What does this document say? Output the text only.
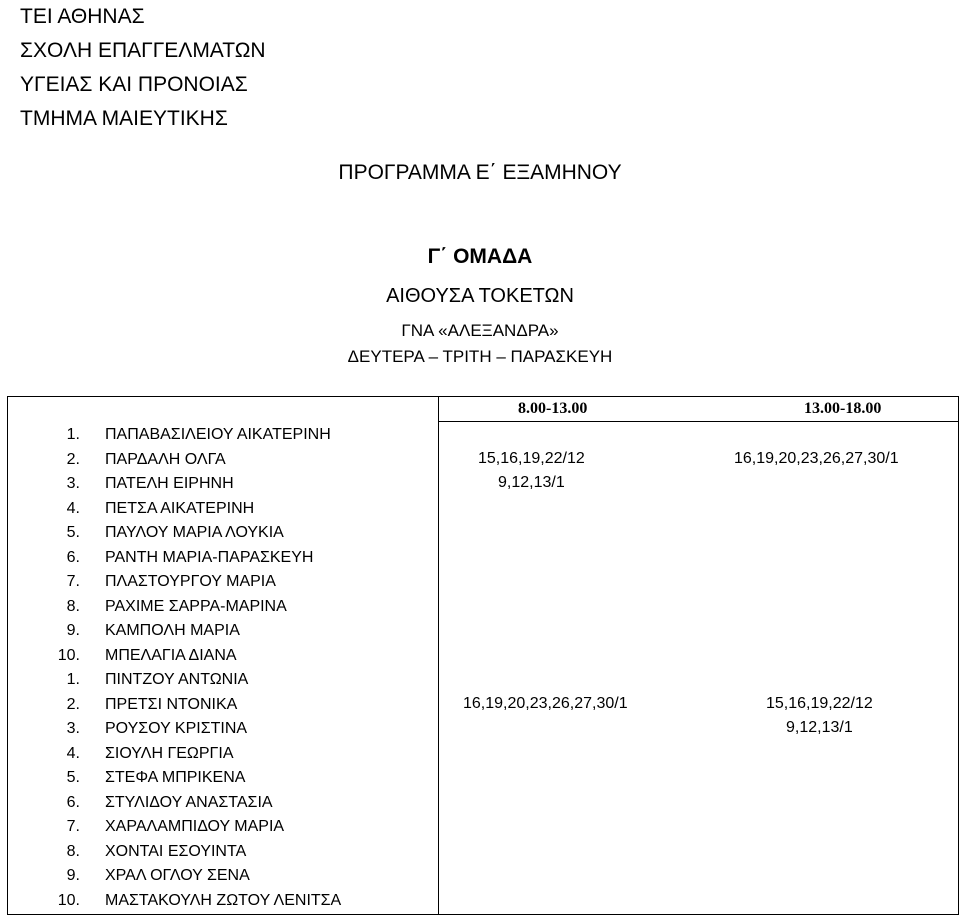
ΤΕΙ ΑΘΗΝΑΣ
ΣΧΟΛΗ ΕΠΑΓΓΕΛΜΑΤΩΝ
ΥΓΕΙΑΣ ΚΑΙ ΠΡΟΝΟΙΑΣ
ΤΜΗΜΑ ΜΑΙΕΥΤΙΚΗΣ
ΠΡΟΓΡΑΜΜΑ Ε΄ ΕΞΑΜΗΝΟΥ
Γ΄ ΟΜΑΔΑ
ΑΙΘΟΥΣΑ ΤΟΚΕΤΩΝ
ΓΝΑ «ΑΛΕΞΑΝΔΡΑ»
ΔΕΥΤΕΡΑ – ΤΡΙΤΗ – ΠΑΡΑΣΚΕΥΗ
8.00-13.00	13.00-18.00
1. ΠΑΠΑΒΑΣΙΛΕΙΟΥ ΑΙΚΑΤΕΡΙΝΗ
2. ΠΑΡΔΑΛΗ ΟΛΓΑ
3. ΠΑΤΕΛΗ ΕΙΡΗΝΗ
4. ΠΕΤΣΑ ΑΙΚΑΤΕΡΙΝΗ
5. ΠΑΥΛΟΥ ΜΑΡΙΑ ΛΟΥΚΙΑ
6. ΡΑΝΤΗ ΜΑΡΙΑ-ΠΑΡΑΣΚΕΥΗ
7. ΠΛΑΣΤΟΥΡΓΟΥ ΜΑΡΙΑ
8. ΡΑΧΙΜΕ ΣΑΡΡΑ-ΜΑΡΙΝΑ
9. ΚΑΜΠΟΛΗ ΜΑΡΙΑ
10. ΜΠΕΛΑΓΙΑ ΔΙΑΝΑ
1. ΠΙΝΤΖΟΥ ΑΝΤΩΝΙΑ
2. ΠΡΕΤΣΙ ΝΤΟΝΙΚΑ
3. ΡΟΥΣΟΥ ΚΡΙΣΤΙΝΑ
4. ΣΙΟΥΛΗ ΓΕΩΡΓΙΑ
5. ΣΤΕΦΑ ΜΠΡΙΚΕΝΑ
6. ΣΤΥΛΙΔΟΥ ΑΝΑΣΤΑΣΙΑ
7. ΧΑΡΑΛΑΜΠΙΔΟΥ ΜΑΡΙΑ
8. ΧΟΝΤΑΙ ΕΣΟΥΙΝΤΑ
9. ΧΡΑΛ ΟΓΛΟΥ ΣΕΝΑ
10. ΜΑΣΤΑΚΟΥΛΗ ΖΩΤΟΥ ΛΕΝΙΤΣΑ
15,16,19,22/12
9,12,13/1
16,19,20,23,26,27,30/1
16,19,20,23,26,27,30/1	15,16,19,22/12
9,12,13/1
